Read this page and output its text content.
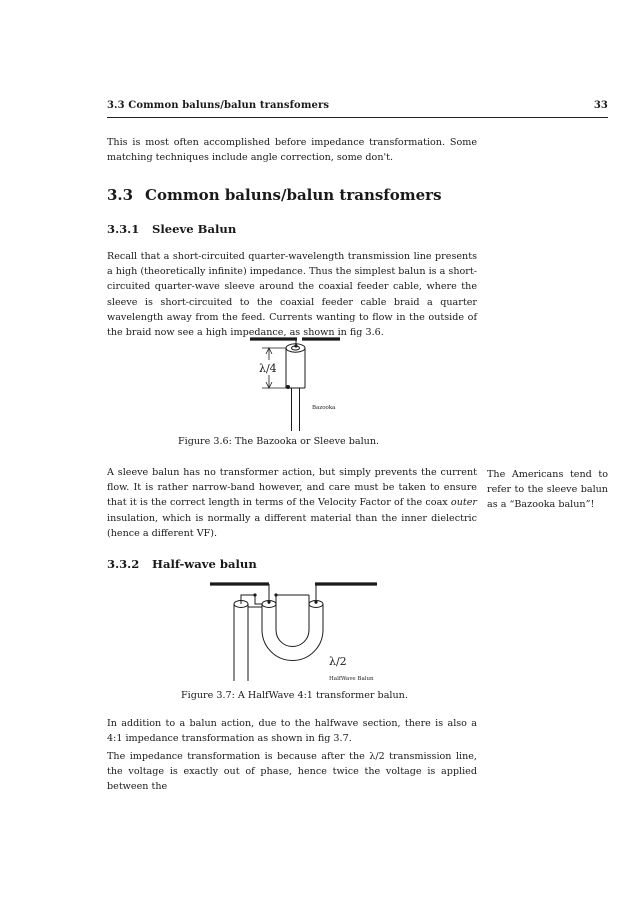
3.3 Common baluns/balun transfomers	33

This is most often accomplished before impedance transformation. Some matching techniques include angle correction, some don't.

3.3 Common baluns/balun transfomers
3.3.1 Sleeve Balun

Recall that a short-circuited quarter-wavelength transmission line presents a high (theoretically infinite) impedance. Thus the simplest balun is a short-circuited quarter-wave sleeve around the coaxial feeder cable, where the sleeve is short-circuited to the coaxial feeder cable braid a quarter wavelength away from the feed. Currents wanting to flow in the outside of the braid now see a high impedance, as shown in fig 3.6.

λ/4
Bazooka
Figure 3.6: The Bazooka or Sleeve balun.

A sleeve balun has no transformer action, but simply prevents the current flow. It is rather narrow-band however, and care must be taken to ensure that it is the correct length in terms of the Velocity Factor of the coax outer insulation, which is normally a different material than the inner dielectric (hence a different VF).

The Americans tend to refer to the sleeve balun as a “Bazooka balun”!

3.3.2 Half-wave balun
λ/2
HalfWave Balun
Figure 3.7: A HalfWave 4:1 transformer balun.

In addition to a balun action, due to the halfwave section, there is also a 4:1 impedance transformation as shown in fig 3.7.

The impedance transformation is because after the λ/2 transmission line, the voltage is exactly out of phase, hence twice the voltage is applied between the
